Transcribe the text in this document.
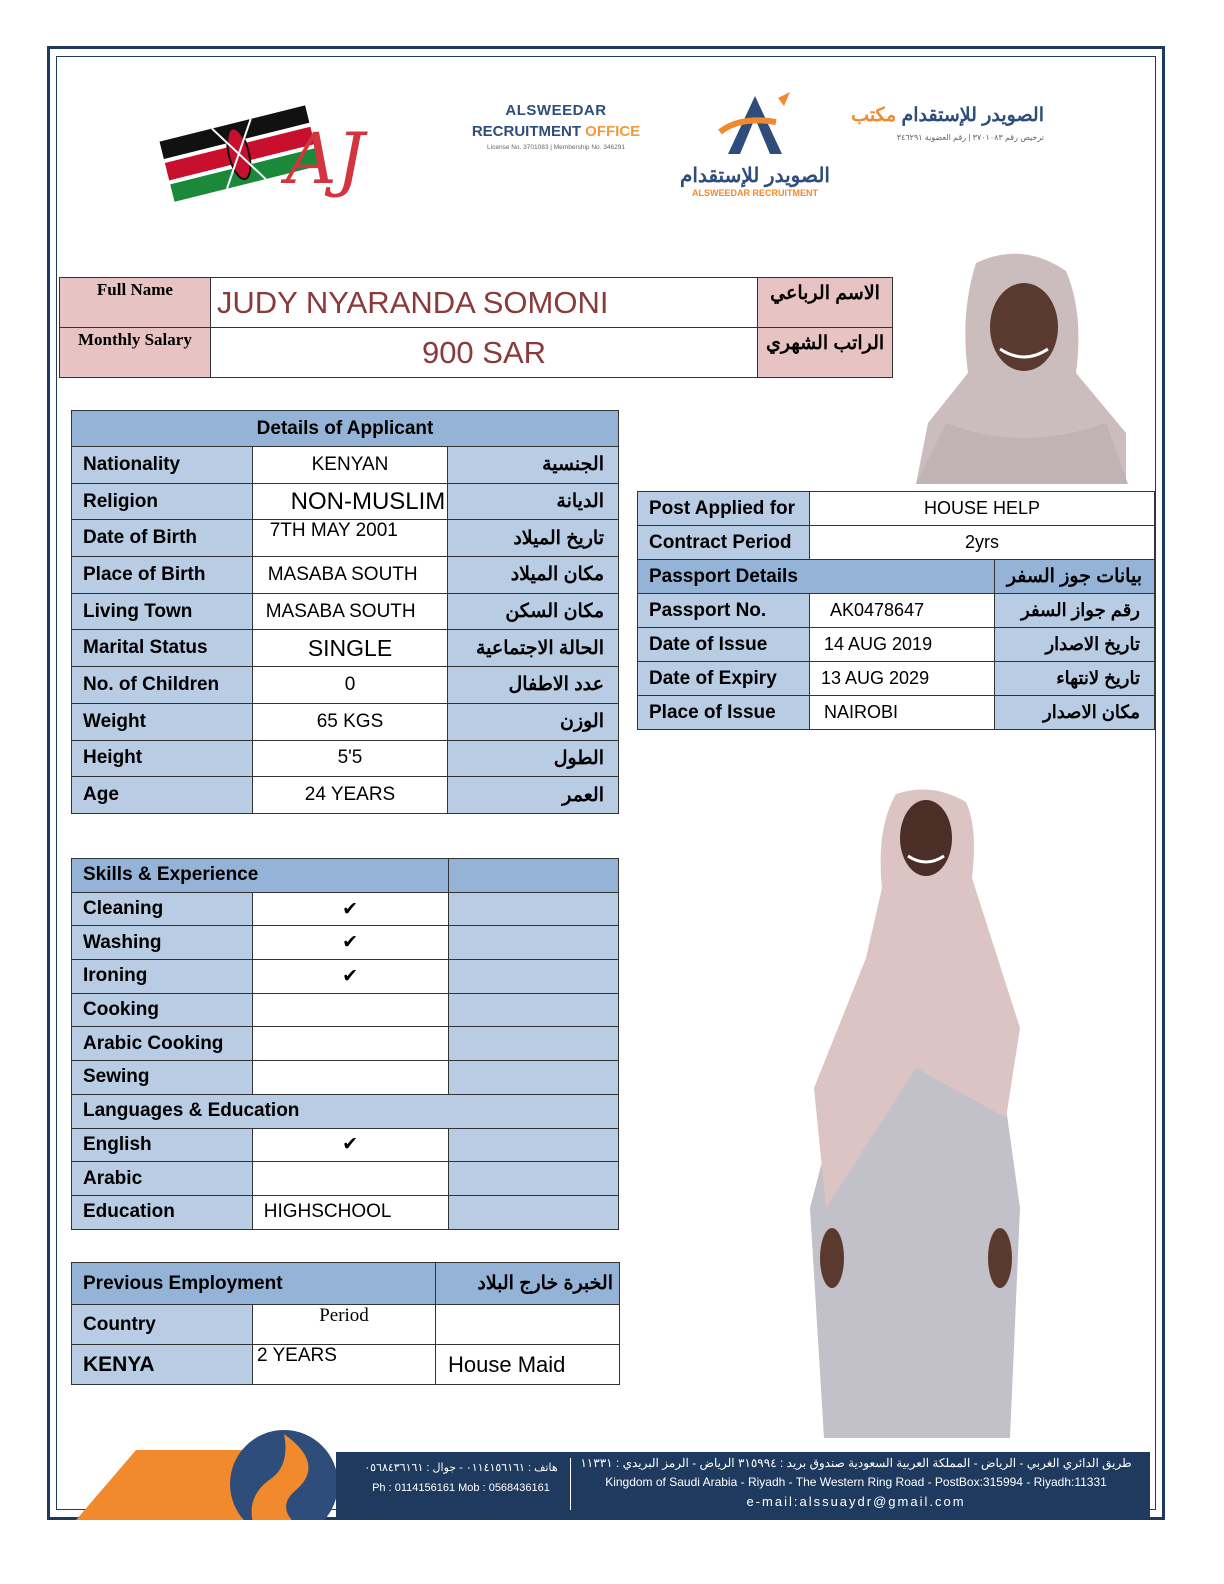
AJ
ALSWEEDAR
RECRUITMENT OFFICE
License No. 3701083 | Membership No. 346291
الصويدر للإستقدام
ALSWEEDAR RECRUITMENT
الصويدر للإستقدام مكتب
ترخيص رقم ٣٧٠١٠٨٣ | رقم العضوية ٣٤٦٢٩١
Full Name	JUDY NYARANDA SOMONI	الاسم الرباعي
Monthly Salary	900 SAR	الراتب الشهري
Details of Applicant		
Nationality	KENYAN	الجنسية
Religion	NON-MUSLIM	الديانة
Date of Birth	7TH MAY 2001	تاريخ الميلاد
Place of Birth	MASABA SOUTH	مكان الميلاد
Living Town	MASABA SOUTH	مكان السكن
Marital Status	SINGLE	الحالة الاجتماعية
No. of Children	0	عدد الاطفال
Weight	65 KGS	الوزن
Height	5'5	الطول
Age	24 YEARS	العمر
Post Applied for	HOUSE HELP	
Contract Period	2yrs	
Passport Details		بيانات جوز السفر
Passport No.	AK0478647	رقم جواز السفر
Date of Issue	14 AUG 2019	تاريخ الاصدار
Date of Expiry	13 AUG 2029	تاريخ لانتهاء
Place of Issue	NAIROBI	مكان الاصدار
Skills & Experience		
Cleaning	✔	
Washing	✔	
Ironing	✔	
Cooking		
Arabic Cooking		
Sewing		
Languages & Education		
English	✔	
Arabic		
Education	HIGHSCHOOL	
Previous Employment		الخبرة خارج البلاد
Country	Period	
KENYA	2 YEARS	House Maid
هاتف : ٠١١٤١٥٦١٦١ - جوال : ٠٥٦٨٤٣٦١٦١
Ph : 0114156161 Mob : 0568436161
طريق الدائري الغربي - الرياض - المملكة العربية السعودية صندوق بريد : ٣١٥٩٩٤ الرياض - الرمز البريدي : ١١٣٣١
Kingdom of Saudi Arabia - Riyadh - The Western Ring Road - PostBox:315994 - Riyadh:11331
e-mail:alssuaydr@gmail.com
